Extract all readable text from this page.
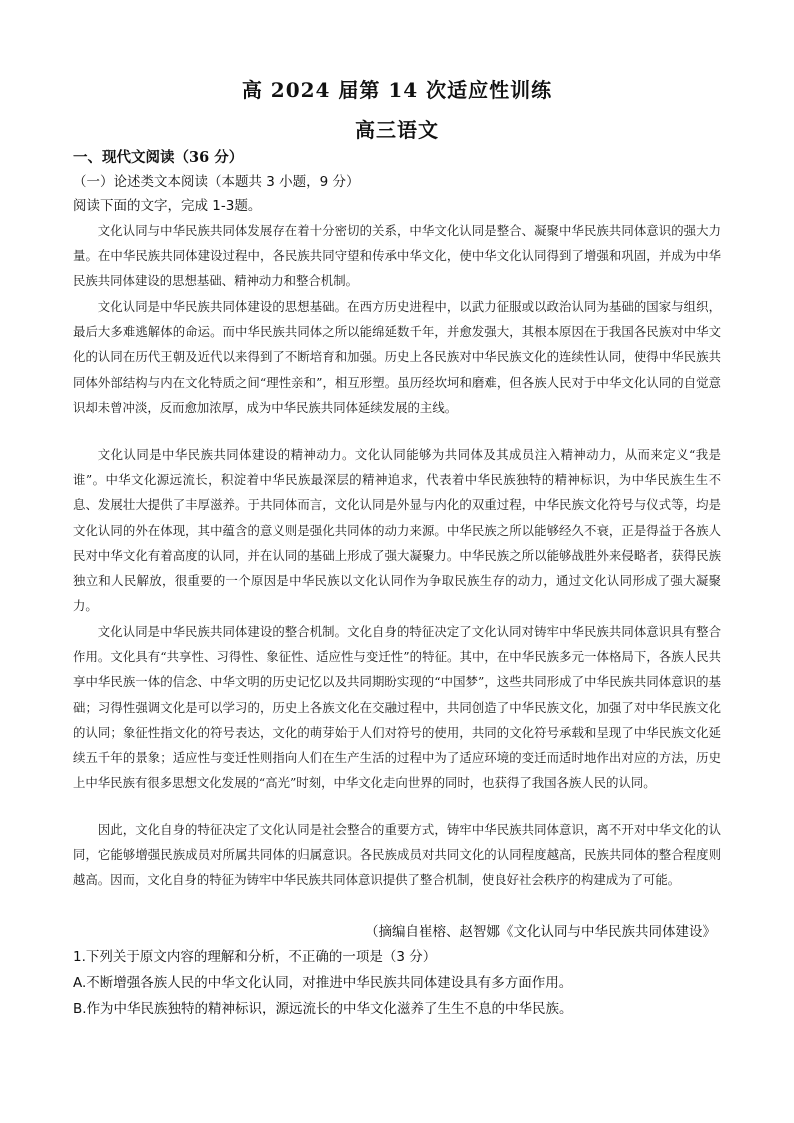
高 2024 届第 14 次适应性训练
高三语文
一、现代文阅读（36 分）
（一）论述类文本阅读（本题共 3 小题，9 分）
阅读下面的文字，完成 1-3题。
文化认同与中华民族共同体发展存在着十分密切的关系，中华文化认同是整合、凝聚中华民族共同体意识的强大力量。在中华民族共同体建设过程中，各民族共同守望和传承中华文化，使中华文化认同得到了增强和巩固，并成为中华民族共同体建设的思想基础、精神动力和整合机制。
文化认同是中华民族共同体建设的思想基础。在西方历史进程中，以武力征服或以政治认同为基础的国家与组织，最后大多难逃解体的命运。而中华民族共同体之所以能绵延数千年，并愈发强大，其根本原因在于我国各民族对中华文化的认同在历代王朝及近代以来得到了不断培育和加强。历史上各民族对中华民族文化的连续性认同，使得中华民族共同体外部结构与内在文化特质之间“理性亲和”，相互形塑。虽历经坎坷和磨难，但各族人民对于中华文化认同的自觉意识却未曾冲淡，反而愈加浓厚，成为中华民族共同体延续发展的主线。
文化认同是中华民族共同体建设的精神动力。文化认同能够为共同体及其成员注入精神动力，从而来定义“我是谁”。中华文化源远流长，积淀着中华民族最深层的精神追求，代表着中华民族独特的精神标识，为中华民族生生不息、发展壮大提供了丰厚滋养。于共同体而言，文化认同是外显与内化的双重过程，中华民族文化符号与仪式等，均是文化认同的外在体现，其中蕴含的意义则是强化共同体的动力来源。中华民族之所以能够经久不衰，正是得益于各族人民对中华文化有着高度的认同，并在认同的基础上形成了强大凝聚力。中华民族之所以能够战胜外来侵略者，获得民族独立和人民解放，很重要的一个原因是中华民族以文化认同作为争取民族生存的动力，通过文化认同形成了强大凝聚力。
文化认同是中华民族共同体建设的整合机制。文化自身的特征决定了文化认同对铸牢中华民族共同体意识具有整合作用。文化具有“共享性、习得性、象征性、适应性与变迁性”的特征。其中，在中华民族多元一体格局下，各族人民共享中华民族一体的信念、中华文明的历史记忆以及共同期盼实现的“中国梦”，这些共同形成了中华民族共同体意识的基础；习得性强调文化是可以学习的，历史上各族文化在交融过程中，共同创造了中华民族文化，加强了对中华民族文化的认同；象征性指文化的符号表达，文化的萌芽始于人们对符号的使用，共同的文化符号承载和呈现了中华民族文化延续五千年的景象；适应性与变迁性则指向人们在生产生活的过程中为了适应环境的变迁而适时地作出对应的方法，历史上中华民族有很多思想文化发展的“高光”时刻，中华文化走向世界的同时，也获得了我国各族人民的认同。
因此，文化自身的特征决定了文化认同是社会整合的重要方式，铸牢中华民族共同体意识，离不开对中华文化的认同，它能够增强民族成员对所属共同体的归属意识。各民族成员对共同文化的认同程度越高，民族共同体的整合程度则越高。因而，文化自身的特征为铸牢中华民族共同体意识提供了整合机制，使良好社会秩序的构建成为了可能。
（摘编自崔榕、赵智娜《文化认同与中华民族共同体建设》
1.下列关于原文内容的理解和分析，不正确的一项是（3 分）
A.不断增强各族人民的中华文化认同，对推进中华民族共同体建设具有多方面作用。
B.作为中华民族独特的精神标识，源远流长的中华文化滋养了生生不息的中华民族。
